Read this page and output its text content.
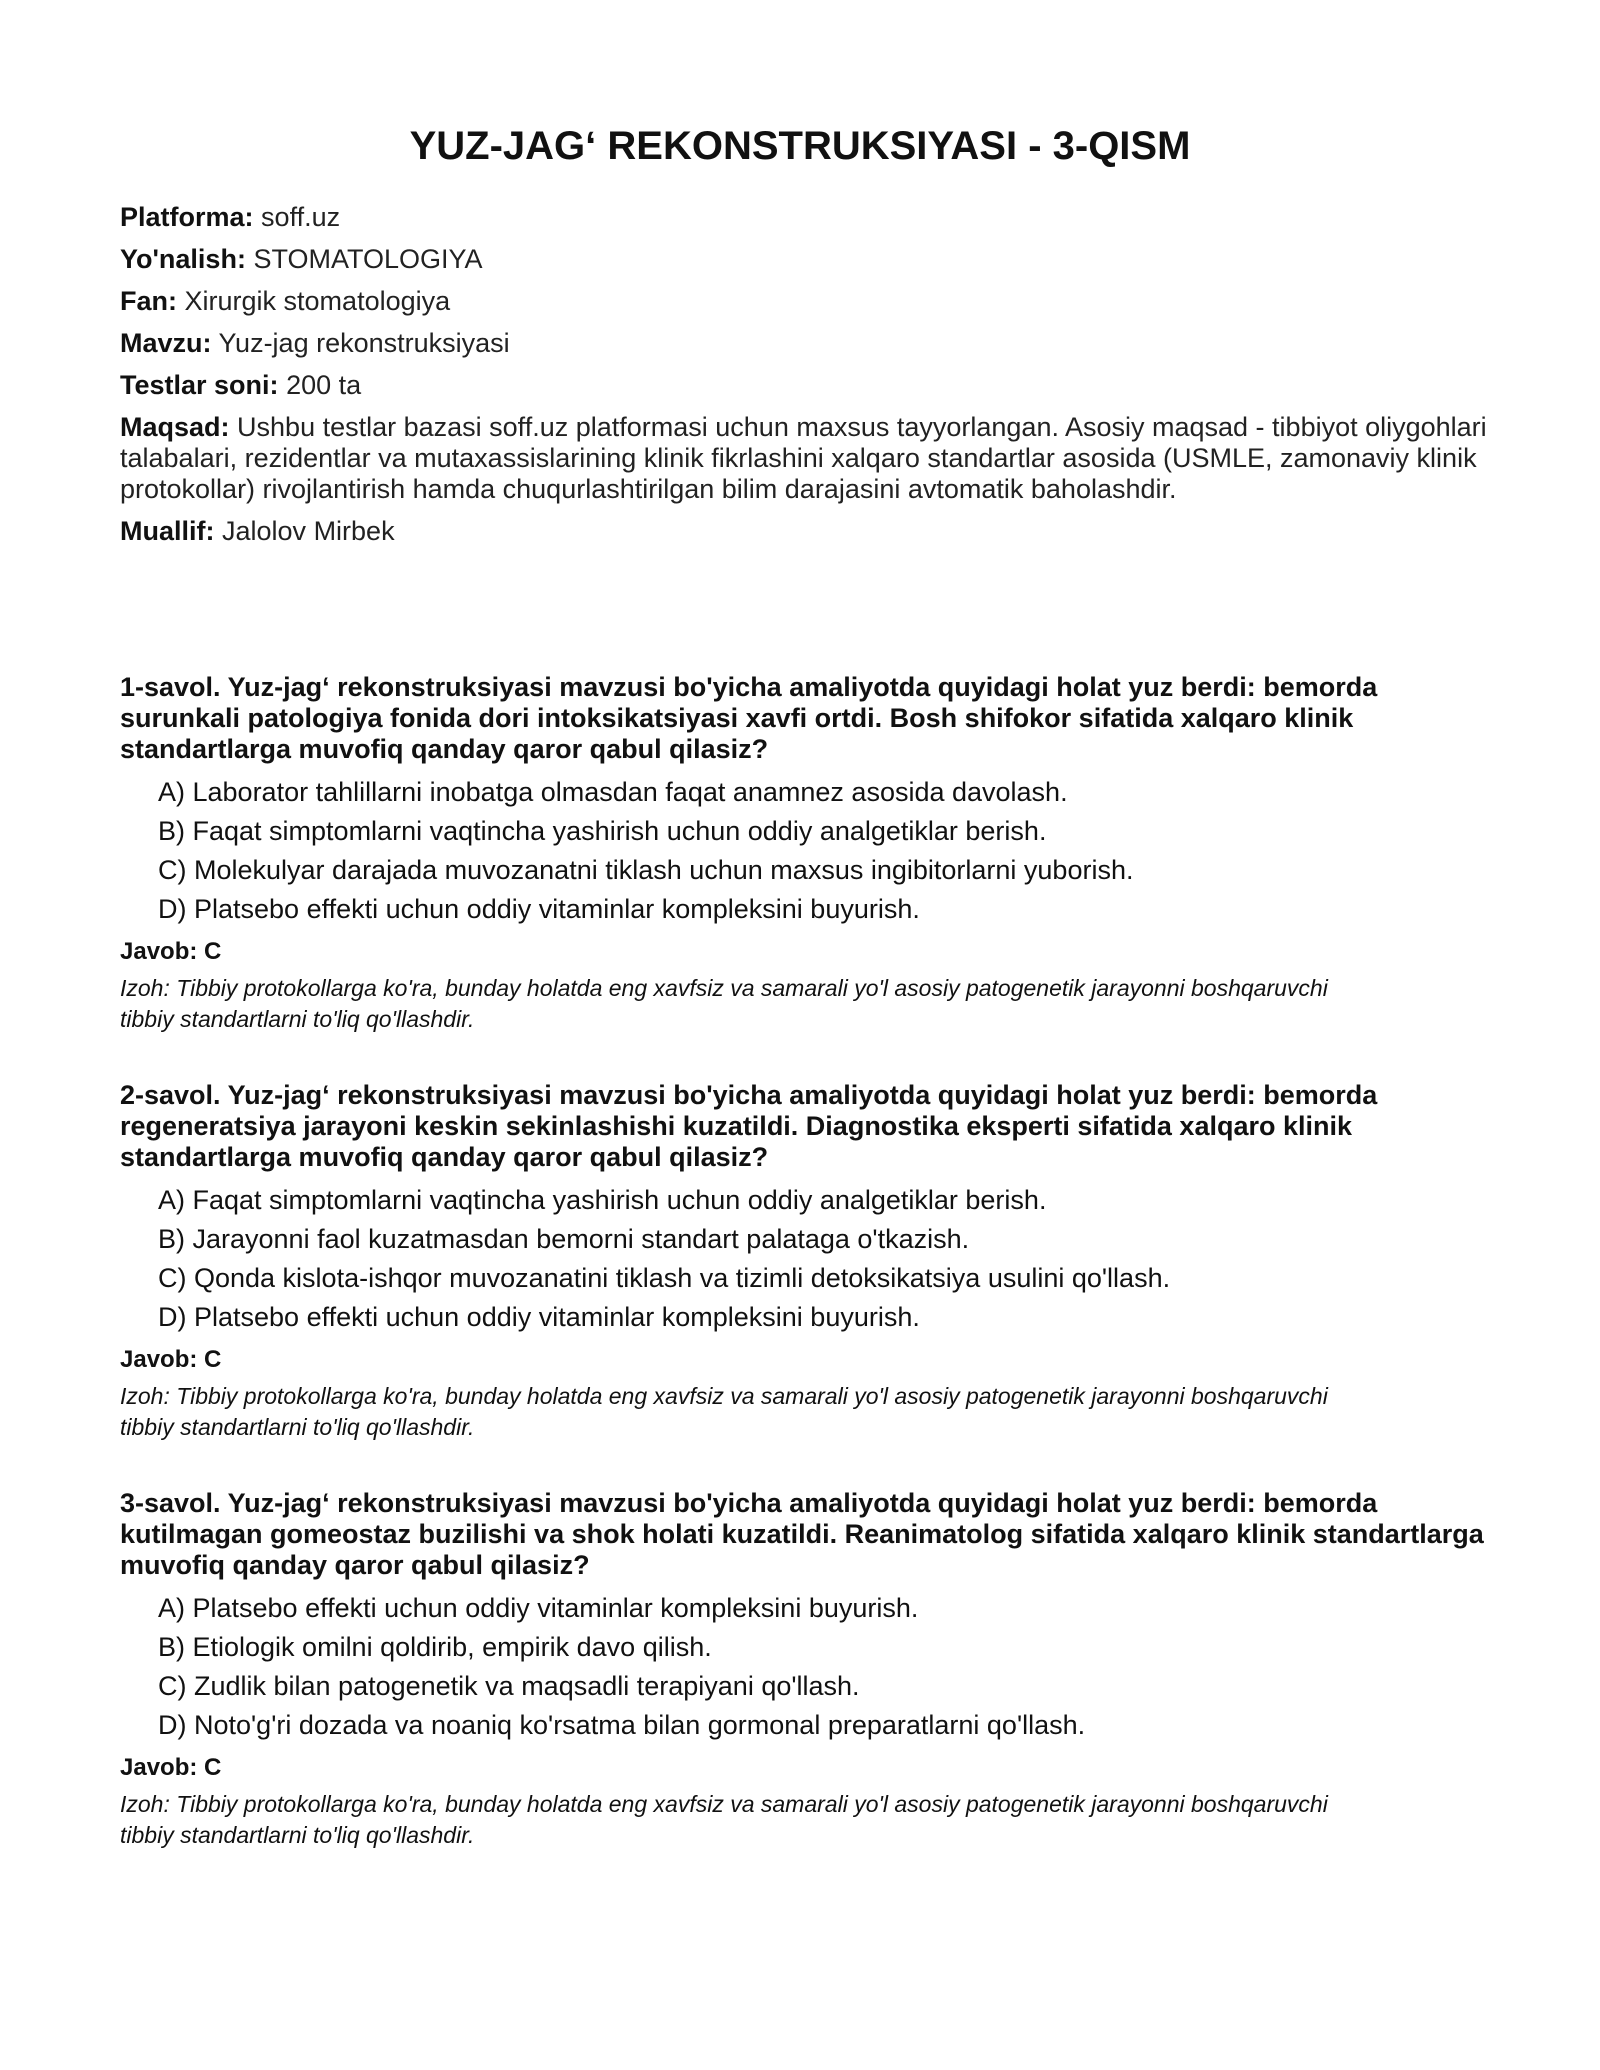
YUZ-JAG‘ REKONSTRUKSIYASI - 3-QISM
Platforma: soff.uz
Yo'nalish: STOMATOLOGIYA
Fan: Xirurgik stomatologiya
Mavzu: Yuz-jag rekonstruksiyasi
Testlar soni: 200 ta
Maqsad: Ushbu testlar bazasi soff.uz platformasi uchun maxsus tayyorlangan. Asosiy maqsad - tibbiyot oliygohlari talabalari, rezidentlar va mutaxassislarining klinik fikrlashini xalqaro standartlar asosida (USMLE, zamonaviy klinik protokollar) rivojlantirish hamda chuqurlashtirilgan bilim darajasini avtomatik baholashdir.
Muallif: Jalolov Mirbek

1-savol. Yuz-jag‘ rekonstruksiyasi mavzusi bo'yicha amaliyotda quyidagi holat yuz berdi: bemorda surunkali patologiya fonida dori intoksikatsiyasi xavfi ortdi. Bosh shifokor sifatida xalqaro klinik standartlarga muvofiq qanday qaror qabul qilasiz?

A) Laborator tahlillarni inobatga olmasdan faqat anamnez asosida davolash.
B) Faqat simptomlarni vaqtincha yashirish uchun oddiy analgetiklar berish.
C) Molekulyar darajada muvozanatni tiklash uchun maxsus ingibitorlarni yuborish.
D) Platsebo effekti uchun oddiy vitaminlar kompleksini buyurish.
Javob: C
Izoh: Tibbiy protokollarga ko'ra, bunday holatda eng xavfsiz va samarali yo'l asosiy patogenetik jarayonni boshqaruvchi tibbiy standartlarni to'liq qo'llashdir.

2-savol. Yuz-jag‘ rekonstruksiyasi mavzusi bo'yicha amaliyotda quyidagi holat yuz berdi: bemorda regeneratsiya jarayoni keskin sekinlashishi kuzatildi. Diagnostika eksperti sifatida xalqaro klinik standartlarga muvofiq qanday qaror qabul qilasiz?

A) Faqat simptomlarni vaqtincha yashirish uchun oddiy analgetiklar berish.
B) Jarayonni faol kuzatmasdan bemorni standart palataga o'tkazish.
C) Qonda kislota-ishqor muvozanatini tiklash va tizimli detoksikatsiya usulini qo'llash.
D) Platsebo effekti uchun oddiy vitaminlar kompleksini buyurish.
Javob: C
Izoh: Tibbiy protokollarga ko'ra, bunday holatda eng xavfsiz va samarali yo'l asosiy patogenetik jarayonni boshqaruvchi tibbiy standartlarni to'liq qo'llashdir.

3-savol. Yuz-jag‘ rekonstruksiyasi mavzusi bo'yicha amaliyotda quyidagi holat yuz berdi: bemorda kutilmagan gomeostaz buzilishi va shok holati kuzatildi. Reanimatolog sifatida xalqaro klinik standartlarga muvofiq qanday qaror qabul qilasiz?

A) Platsebo effekti uchun oddiy vitaminlar kompleksini buyurish.
B) Etiologik omilni qoldirib, empirik davo qilish.
C) Zudlik bilan patogenetik va maqsadli terapiyani qo'llash.
D) Noto'g'ri dozada va noaniq ko'rsatma bilan gormonal preparatlarni qo'llash.
Javob: C
Izoh: Tibbiy protokollarga ko'ra, bunday holatda eng xavfsiz va samarali yo'l asosiy patogenetik jarayonni boshqaruvchi tibbiy standartlarni to'liq qo'llashdir.
